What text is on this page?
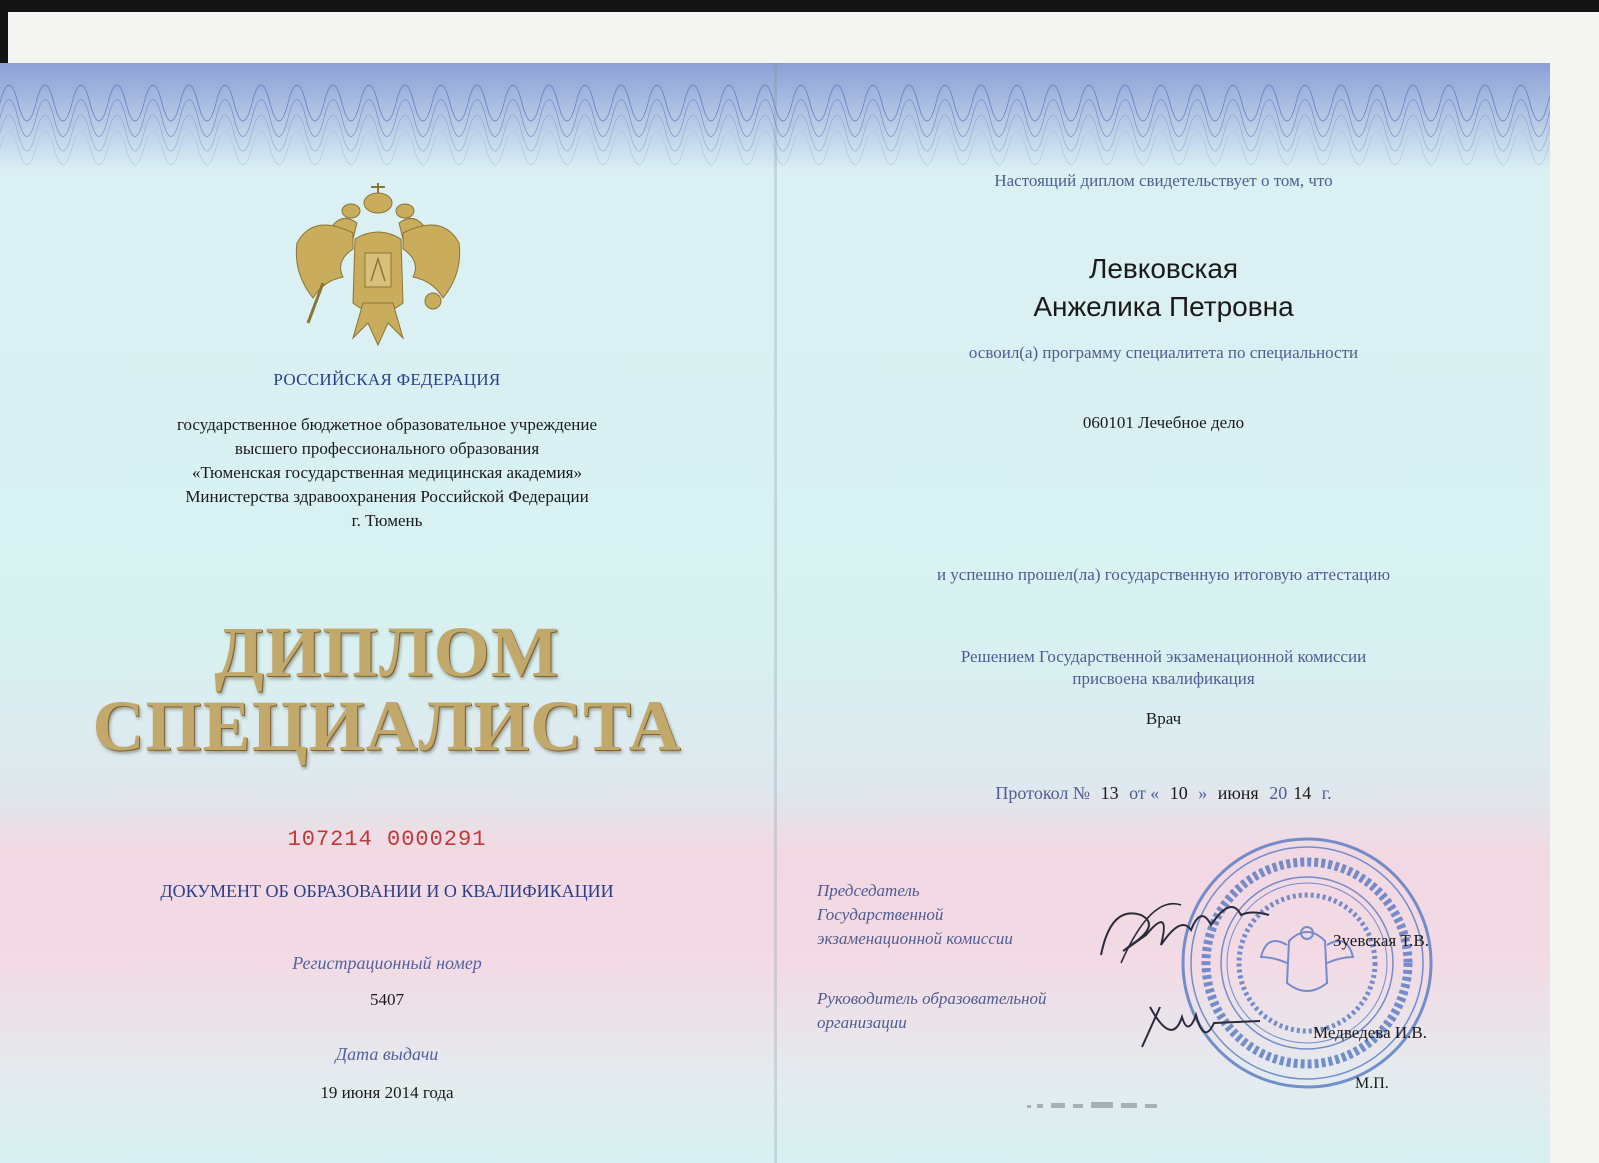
РОССИЙСКАЯ ФЕДЕРАЦИЯ
государственное бюджетное образовательное учреждение
высшего профессионального образования
«Тюменская государственная медицинская академия»
Министерства здравоохранения Российской Федерации
г. Тюмень
ДИПЛОМ
СПЕЦИАЛИСТА
107214 0000291
ДОКУМЕНТ ОБ ОБРАЗОВАНИИ И О КВАЛИФИКАЦИИ
Регистрационный номер
5407
Дата выдачи
19 июня 2014 года
Настоящий диплом свидетельствует о том, что
Левковская
Анжелика Петровна
освоил(а) программу специалитета по специальности
060101 Лечебное дело
и успешно прошел(ла) государственную итоговую аттестацию
Решением Государственной экзаменационной комиссии
присвоена квалификация
Врач
Протокол № 13 от « 10 » июня 20 14 г.
Председатель
Государственной
экзаменационной комиссии
Руководитель образовательной
организации
Зуевская Т.В.
Медведева И.В.
М.П.
